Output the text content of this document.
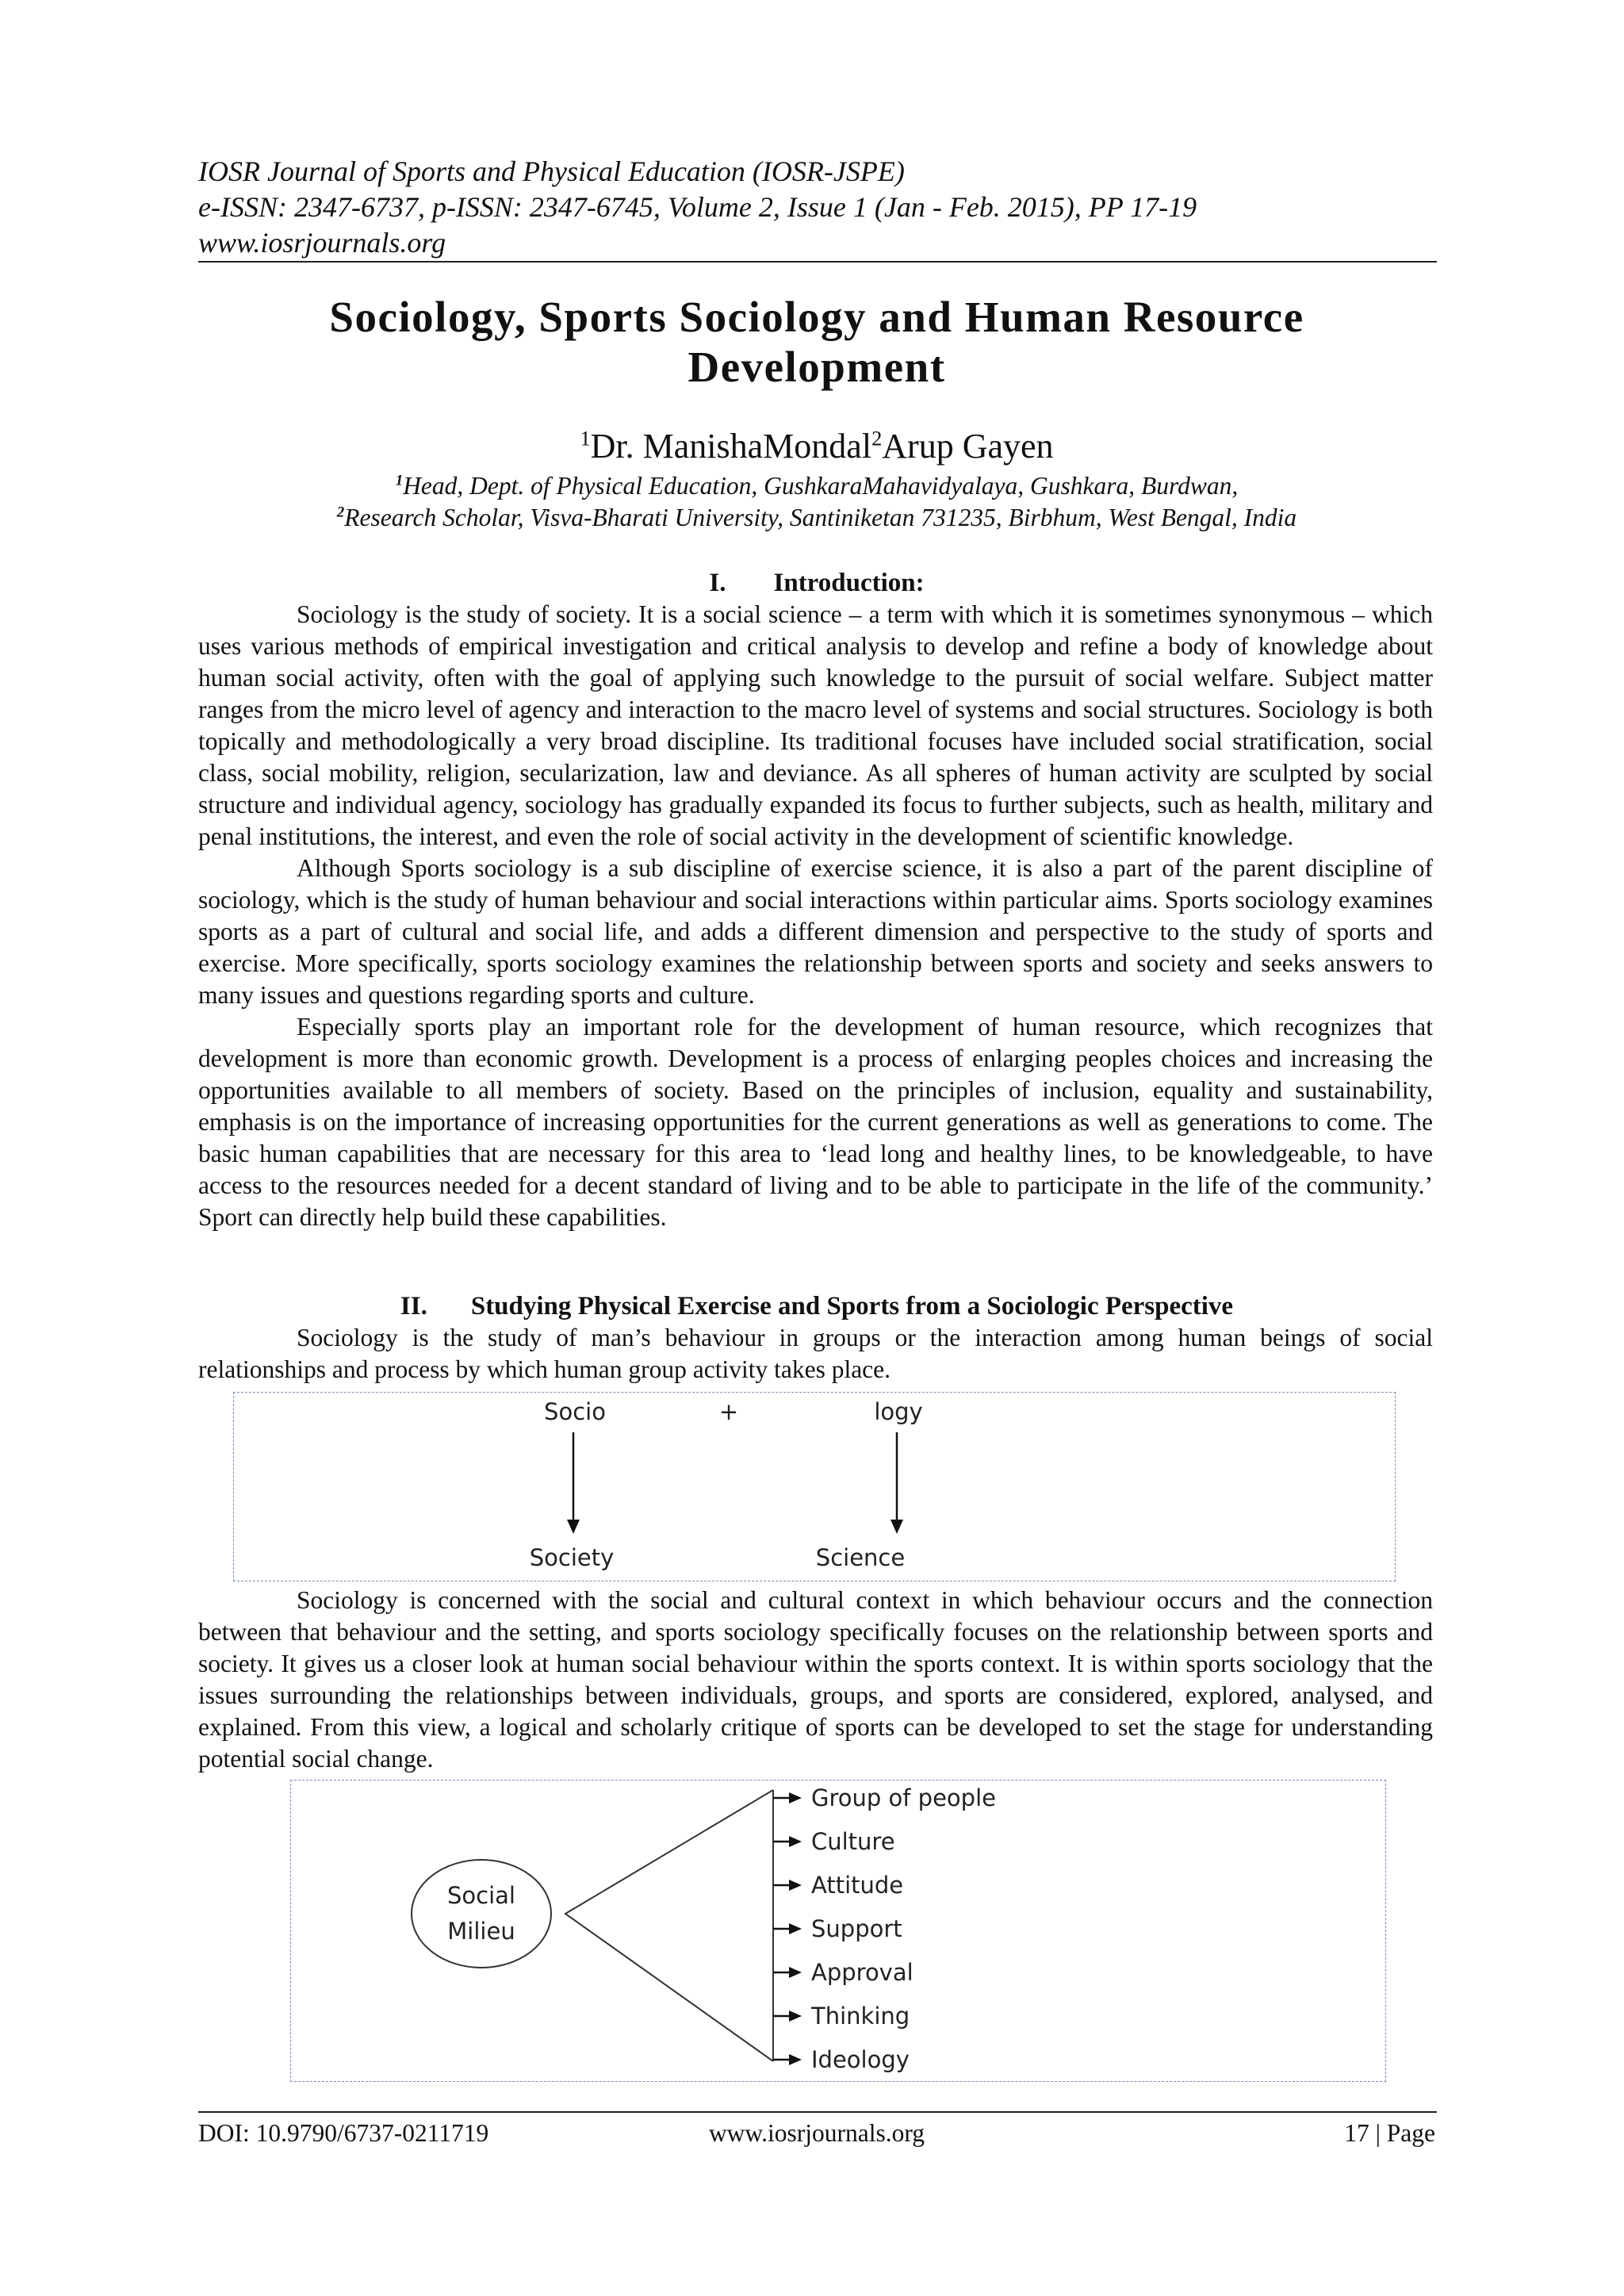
IOSR Journal of Sports and Physical Education (IOSR-JSPE)
e-ISSN: 2347-6737, p-ISSN: 2347-6745, Volume 2, Issue 1 (Jan - Feb. 2015), PP 17-19
www.iosrjournals.org
Sociology, Sports Sociology and Human Resource
Development
$^1$Dr. ManishaMondal$^2$Arup Gayen
$^1$Head, Dept. of Physical Education, GushkaraMahavidyalaya, Gushkara, Burdwan,
$^2$Research Scholar, Visva-Bharati University, Santiniketan 731235, Birbhum, West Bengal, India
I. Introduction:

Sociology is the study of society. It is a social science – a term with which it is sometimes synonymous – which uses various methods of empirical investigation and critical analysis to develop and refine a body of knowledge about human social activity, often with the goal of applying such knowledge to the pursuit of social welfare. Subject matter ranges from the micro level of agency and interaction to the macro level of systems and social structures. Sociology is both topically and methodologically a very broad discipline. Its traditional focuses have included social stratification, social class, social mobility, religion, secularization, law and deviance. As all spheres of human activity are sculpted by social structure and individual agency, sociology has gradually expanded its focus to further subjects, such as health, military and penal institutions, the interest, and even the role of social activity in the development of scientific knowledge.

Although Sports sociology is a sub discipline of exercise science, it is also a part of the parent discipline of sociology, which is the study of human behaviour and social interactions within particular aims. Sports sociology examines sports as a part of cultural and social life, and adds a different dimension and perspective to the study of sports and exercise. More specifically, sports sociology examines the relationship between sports and society and seeks answers to many issues and questions regarding sports and culture.

Especially sports play an important role for the development of human resource, which recognizes that development is more than economic growth. Development is a process of enlarging peoples choices and increasing the opportunities available to all members of society. Based on the principles of inclusion, equality and sustainability, emphasis is on the importance of increasing opportunities for the current generations as well as generations to come. The basic human capabilities that are necessary for this area to ‘lead long and healthy lines, to be knowledgeable, to have access to the resources needed for a decent standard of living and to be able to participate in the life of the community.’ Sport can directly help build these capabilities.

II. Studying Physical Exercise and Sports from a Sociologic Perspective

Sociology is the study of man’s behaviour in groups or the interaction among human beings of social relationships and process by which human group activity takes place.

Socio	+	logy
Society	Science

Sociology is concerned with the social and cultural context in which behaviour occurs and the connection between that behaviour and the setting, and sports sociology specifically focuses on the relationship between sports and society. It gives us a closer look at human social behaviour within the sports context. It is within sports sociology that the issues surrounding the relationships between individuals, groups, and sports are considered, explored, analysed, and explained. From this view, a logical and scholarly critique of sports can be developed to set the stage for understanding potential social change.

Social
Milieu
Group of people
Culture
Attitude
Support
Approval
Thinking
Ideology
DOI: 10.9790/6737-0211719	www.iosrjournals.org	17 | Page
